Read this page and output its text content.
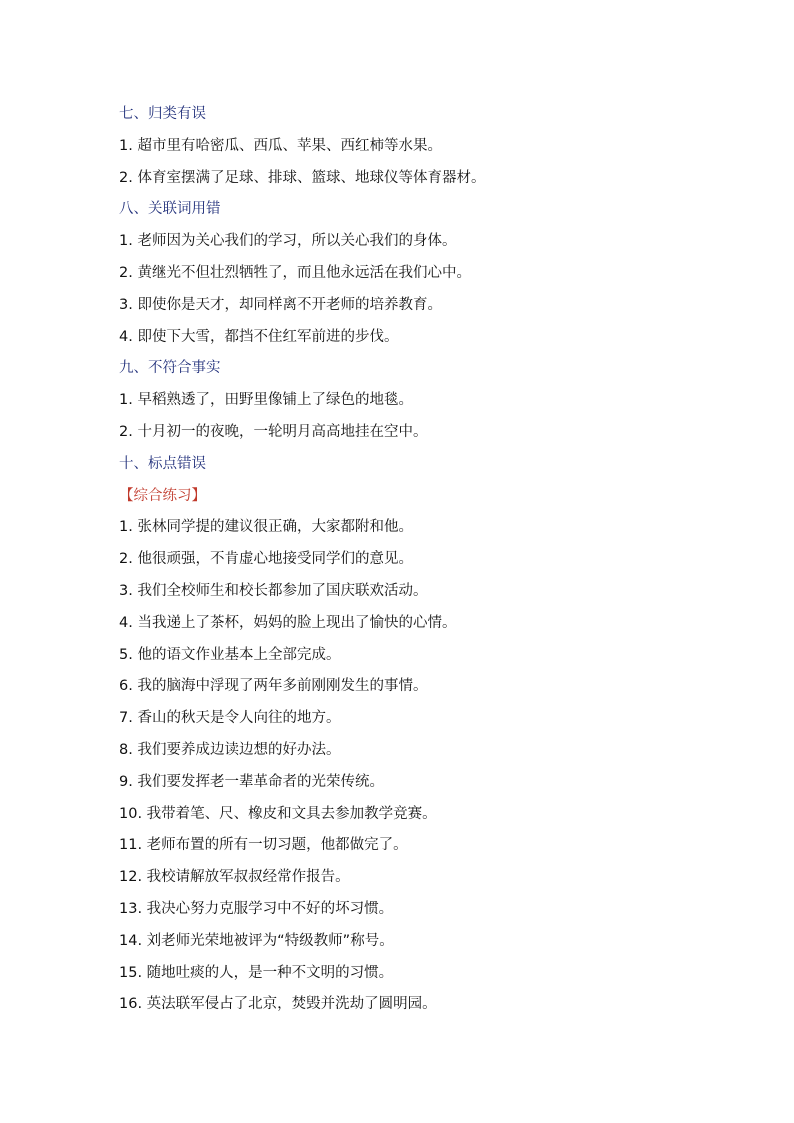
七、归类有误
1. 超市里有哈密瓜、西瓜、苹果、西红柿等水果。
2. 体育室摆满了足球、排球、篮球、地球仪等体育器材。
八、关联词用错
1. 老师因为关心我们的学习，所以关心我们的身体。
2. 黄继光不但壮烈牺牲了，而且他永远活在我们心中。
3. 即使你是天才，却同样离不开老师的培养教育。
4. 即使下大雪，都挡不住红军前进的步伐。
九、不符合事实
1. 早稻熟透了，田野里像铺上了绿色的地毯。
2. 十月初一的夜晚，一轮明月高高地挂在空中。
十、标点错误
【综合练习】
1. 张林同学提的建议很正确，大家都附和他。
2. 他很顽强，不肯虚心地接受同学们的意见。
3. 我们全校师生和校长都参加了国庆联欢活动。
4. 当我递上了茶杯，妈妈的脸上现出了愉快的心情。
5. 他的语文作业基本上全部完成。
6. 我的脑海中浮现了两年多前刚刚发生的事情。
7. 香山的秋天是令人向往的地方。
8. 我们要养成边读边想的好办法。
9. 我们要发挥老一辈革命者的光荣传统。
10. 我带着笔、尺、橡皮和文具去参加教学竞赛。
11. 老师布置的所有一切习题，他都做完了。
12. 我校请解放军叔叔经常作报告。
13. 我决心努力克服学习中不好的坏习惯。
14. 刘老师光荣地被评为“特级教师”称号。
15. 随地吐痰的人，是一种不文明的习惯。
16. 英法联军侵占了北京，焚毁并洗劫了圆明园。
